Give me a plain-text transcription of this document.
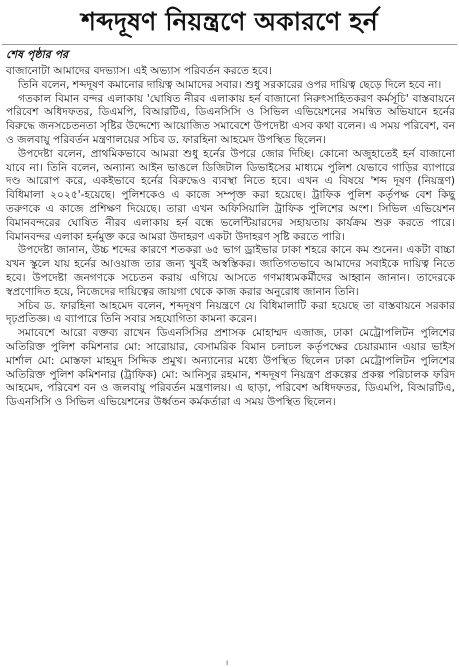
শব্দদূষণ নিয়ন্ত্রণে অকারণে হর্ন
শেষ পৃষ্ঠার পর

বাজানোটা আমাদের বদভ্যাস। এই অভ্যাস পরিবর্তন করতে হবে।

তিনি বলেন, শব্দদূষণ কমানোর দায়িত্ব আমাদের সবার। শুধু সরকারের ওপর দায়িত্ব ছেড়ে দিলে হবে না।

গতকাল বিমান বন্দর এলাকায় 'ঘোষিত নীরব এলাকায় হর্ন বাজানো নিরুৎসাহিতকরণ কর্মসূচি' বাস্তবায়নে পরিবেশ অধিদফতর, ডিএমপি, বিআরটিএ, ডিএনসিসি ও সিভিল এভিয়েশনের সমন্বিত অভিযানে হর্নের বিরুদ্ধে জনসচেতনতা সৃষ্টির উদ্দেশ্যে আয়োজিত সমাবেশে উপদেষ্টা এসব কথা বলেন। এ সময় পরিবেশ, বন ও জলবায়ু পরিবর্তন মন্ত্রণালয়ের সচিব ড. ফারহিনা আহমেদ উপস্থিত ছিলেন।

উপদেষ্টা বলেন, প্রাথমিকভাবে আমরা শুধু হর্নের উপরে জোর দিচ্ছি। কোনো অজুহাতেই হর্ন বাজানো যাবে না। তিনি বলেন, অন্যান্য আইন ভাঙলে ডিজিটাল ডিভাইসের মাধ্যমে পুলিশ যেভাবে গাড়ির ব্যাপারে দণ্ড আরোপ করে, একইভাবে হর্নের বিরুদ্ধেও ব্যবস্থা নিতে হবে। এখন এ বিষয়ে 'শব্দ দূষণ (নিয়ন্ত্রণ) বিধিমালা ২০২৫'-হয়েছে। পুলিশকেও এ কাজে সম্পৃক্ত করা হয়েছে। ট্রাফিক পুলিশ কর্তৃপক্ষ বেশ কিছু তরুণকে এ কাজে প্রশিক্ষণ দিয়েছে। তারা এখন অফিসিয়ালি ট্রাফিক পুলিশের অংশ। সিভিল এভিয়েশন বিমানবন্দরের ঘোষিত নীরব এলাকায় হর্ন বন্ধে ভলেন্টিয়ারদের সহায়তায় কার্যক্রম শুরু করতে পারে। বিমানবন্দর এলাকা হর্নমুক্ত করে আমরা উদাহরণ একটা উদাহরণ সৃষ্টি করতে পারি।

উপদেষ্টা জানান, উচ্চ শব্দের কারণে শতকরা ৬৫ ভাগ ড্রাইভার ঢাকা শহরে কানে কম শুনেন। একটা বাচ্চা যখন স্কুলে যায় হর্নের আওয়াজ তার জন্য খুবই অস্বস্তিকর। জাতিগতভাবে আমাদের সবাইকে দায়িত্ব নিতে হবে। উপদেষ্টা জনগণকে সচেতন করায় এগিয়ে আসতে গণমাধ্যমকর্মীদের আহ্বান জানান। তাদেরকে স্বপ্রণোদিত হয়ে, নিজেদের দায়িত্বের জায়গা থেকে কাজ করার অনুরোধ জানান তিনি।

সচিব ড. ফারহিনা আহমেদ বলেন, শব্দদূষণ নিয়ন্ত্রণে যে বিধিমালাটি করা হয়েছে তা বাস্তবায়নে সরকার দৃঢ়প্রতিজ্ঞ। এ ব্যাপারে তিনি সবার সহযোগিতা কামনা করেন।

সমাবেশে আরো বক্তব্য রাখেন ডিএনসিসির প্রশাসক মোহাম্মদ এজাজ, ঢাকা মেট্রোপলিটন পুলিশের অতিরিক্ত পুলিশ কমিশনার মো: সারোয়ার, বেসামরিক বিমান চলাচল কর্তৃপক্ষের চেয়ারম্যান এয়ার ভাইস মার্শাল মো: মোস্তফা মাহমুদ সিদ্দিক প্রমুখ। অন্যান্যের মধ্যে উপস্থিত ছিলেন ঢাকা মেট্রোপলিটন পুলিশের অতিরিক্ত পুলিশ কমিশনার (ট্রাফিক) মো: আনিসুর রহমান, শব্দদূষণ নিয়ন্ত্রণ প্রকল্পের প্রকল্প পরিচালক ফরিদ আহমেদ, পরিবেশ বন ও জলবায়ু পরিবর্তন মন্ত্রণালয়। এ ছাড়া, পরিবেশ অধিদফতর, ডিএমপি, বিআরটিএ, ডিএনসিসি ও সিভিল এভিয়েশনের উর্ধ্বতন কর্মকর্তারা এ সময় উপস্থিত ছিলেন।

ı
